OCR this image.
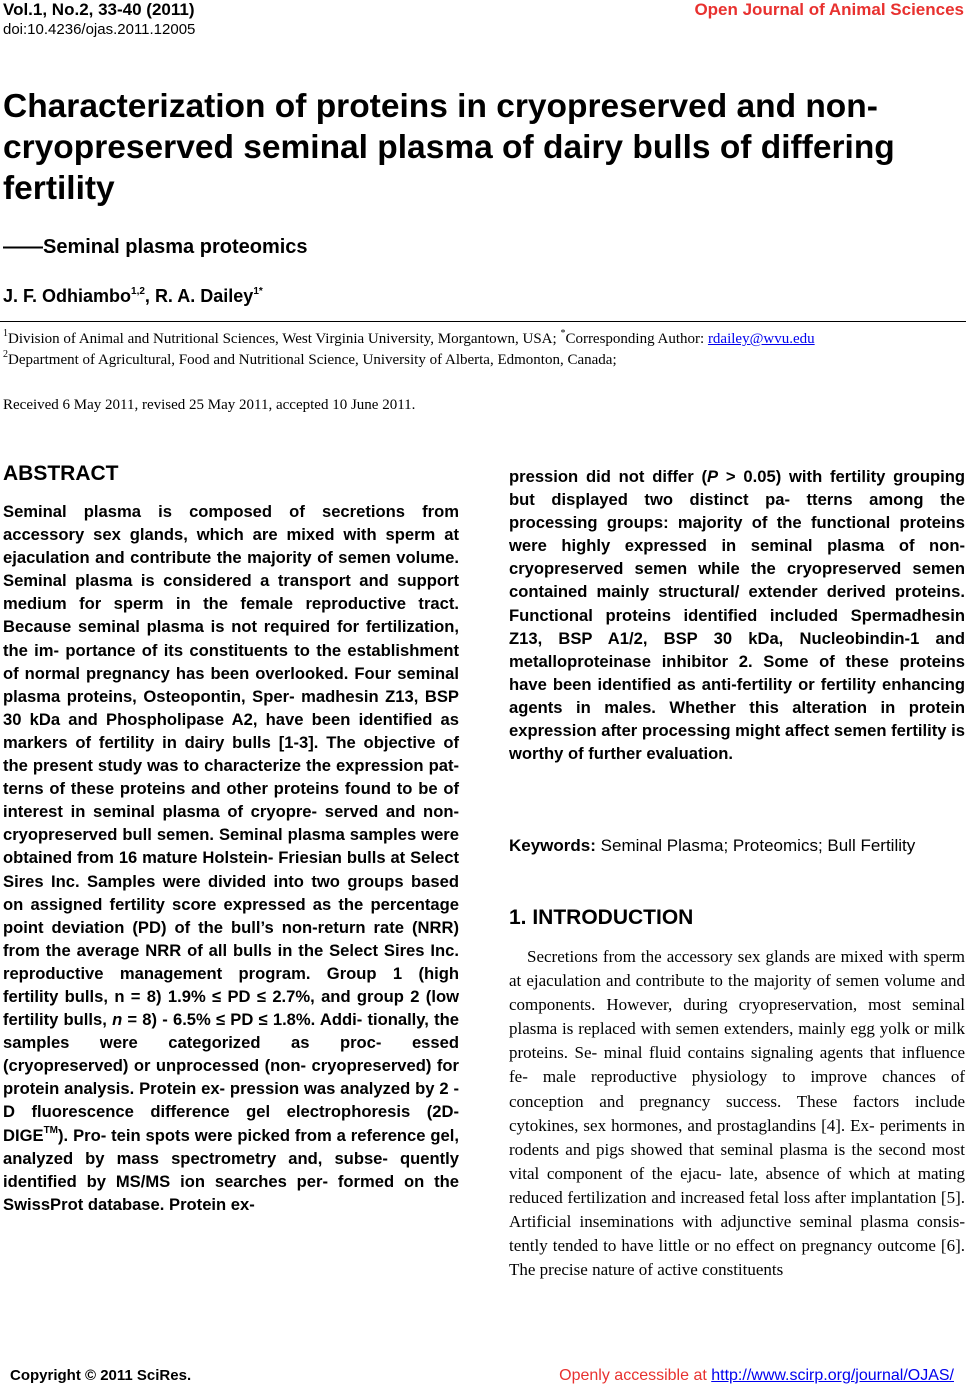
Vol.1, No.2, 33-40 (2011)
doi:10.4236/ojas.2011.12005
Open Journal of Animal Sciences
Characterization of proteins in cryopreserved and non-cryopreserved seminal plasma of dairy bulls of differing fertility
——Seminal plasma proteomics
J. F. Odhiambo$^{1,2}$, R. A. Dailey$^{1*}$
$^1$Division of Animal and Nutritional Sciences, West Virginia University, Morgantown, USA; *Corresponding Author: rdailey@wvu.edu
$^2$Department of Agricultural, Food and Nutritional Science, University of Alberta, Edmonton, Canada;
Received 6 May 2011, revised 25 May 2011, accepted 10 June 2011.
ABSTRACT
Seminal plasma is composed of secretions from accessory sex glands, which are mixed with sperm at ejaculation and contribute the majority of semen volume. Seminal plasma is considered a transport and support medium for sperm in the female reproductive tract. Because seminal plasma is not required for fertilization, the im- portance of its constituents to the establishment of normal pregnancy has been overlooked. Four seminal plasma proteins, Osteopontin, Sper- madhesin Z13, BSP 30 kDa and Phospholipase A2, have been identified as markers of fertility in dairy bulls [1-3]. The objective of the present study was to characterize the expression pat- terns of these proteins and other proteins found to be of interest in seminal plasma of cryopre- served and non-cryopreserved bull semen. Seminal plasma samples were obtained from 16 mature Holstein- Friesian bulls at Select Sires Inc. Samples were divided into two groups based on assigned fertility score expressed as the percentage point deviation (PD) of the bull’s non-return rate (NRR) from the average NRR of all bulls in the Select Sires Inc. reproductive management program. Group 1 (high fertility bulls, n = 8) 1.9% ≤ PD ≤ 2.7%, and group 2 (low fertility bulls, n = 8) - 6.5% ≤ PD ≤ 1.8%. Addi- tionally, the samples were categorized as proc- essed (cryopreserved) or unprocessed (non- cryopreserved) for protein analysis. Protein ex- pression was analyzed by 2 - D fluorescence difference gel electrophoresis (2D-DIGE™). Pro- tein spots were picked from a reference gel, analyzed by mass spectrometry and, subse- quently identified by MS/MS ion searches per- formed on the SwissProt database. Protein ex-
pression did not differ (P > 0.05) with fertility grouping but displayed two distinct pa- tterns among the processing groups: majority of the functional proteins were highly expressed in seminal plasma of non-cryopreserved semen while the cryopreserved semen contained mainly structural/ extender derived proteins. Functional proteins identified included Spermadhesin Z13, BSP A1/2, BSP 30 kDa, Nucleobindin-1 and metalloproteinase inhibitor 2. Some of these proteins have been identified as anti-fertility or fertility enhancing agents in males. Whether this alteration in protein expression after processing might affect semen fertility is worthy of further evaluation.
Keywords: Seminal Plasma; Proteomics; Bull Fertility
1. INTRODUCTION
Secretions from the accessory sex glands are mixed with sperm at ejaculation and contribute to the majority of semen volume and components. However, during cryopreservation, most seminal plasma is replaced with semen extenders, mainly egg yolk or milk proteins. Se- minal fluid contains signaling agents that influence fe- male reproductive physiology to improve chances of conception and pregnancy success. These factors include cytokines, sex hormones, and prostaglandins [4]. Ex- periments in rodents and pigs showed that seminal plasma is the second most vital component of the ejacu- late, absence of which at mating reduced fertilization and increased fetal loss after implantation [5]. Artificial inseminations with adjunctive seminal plasma consis- tently tended to have little or no effect on pregnancy outcome [6]. The precise nature of active constituents
Copyright © 2011 SciRes.	Openly accessible at http://www.scirp.org/journal/OJAS/
